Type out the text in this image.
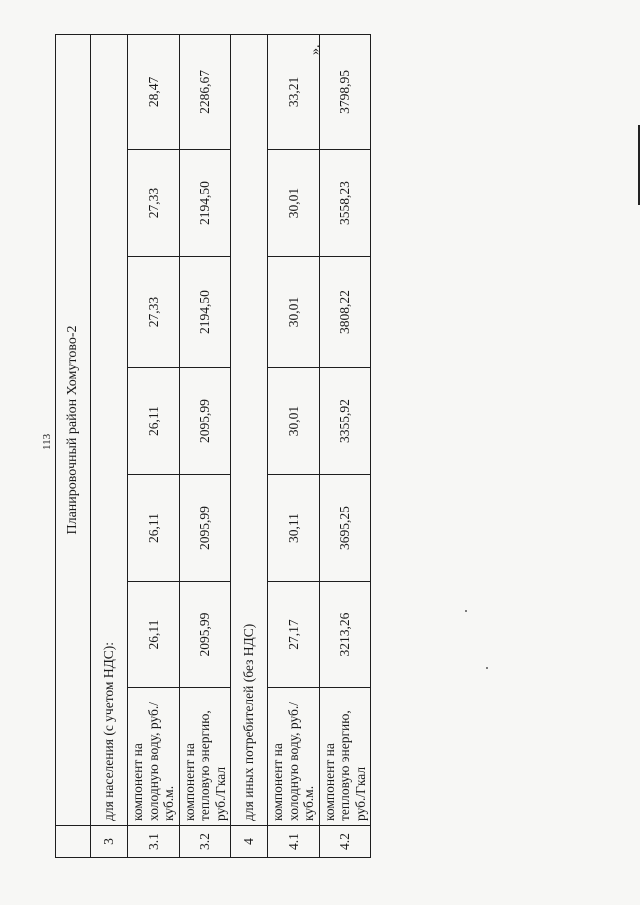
113
».
	Планировочный район Хомутово-2						
3	для населения (с учетом НДС):						
3.1	компонент на холодную воду, руб./куб.м.	26,11	26,11	26,11	27,33	27,33	28,47
3.2	компонент на тепловую энергию, руб./Гкал	2095,99	2095,99	2095,99	2194,50	2194,50	2286,67
4	для иных потребителей (без НДС)						
4.1	компонент на холодную воду, руб./куб.м.	27,17	30,11	30,01	30,01	30,01	33,21
4.2	компонент на тепловую энергию, руб./Гкал	3213,26	3695,25	3355,92	3808,22	3558,23	3798,95
